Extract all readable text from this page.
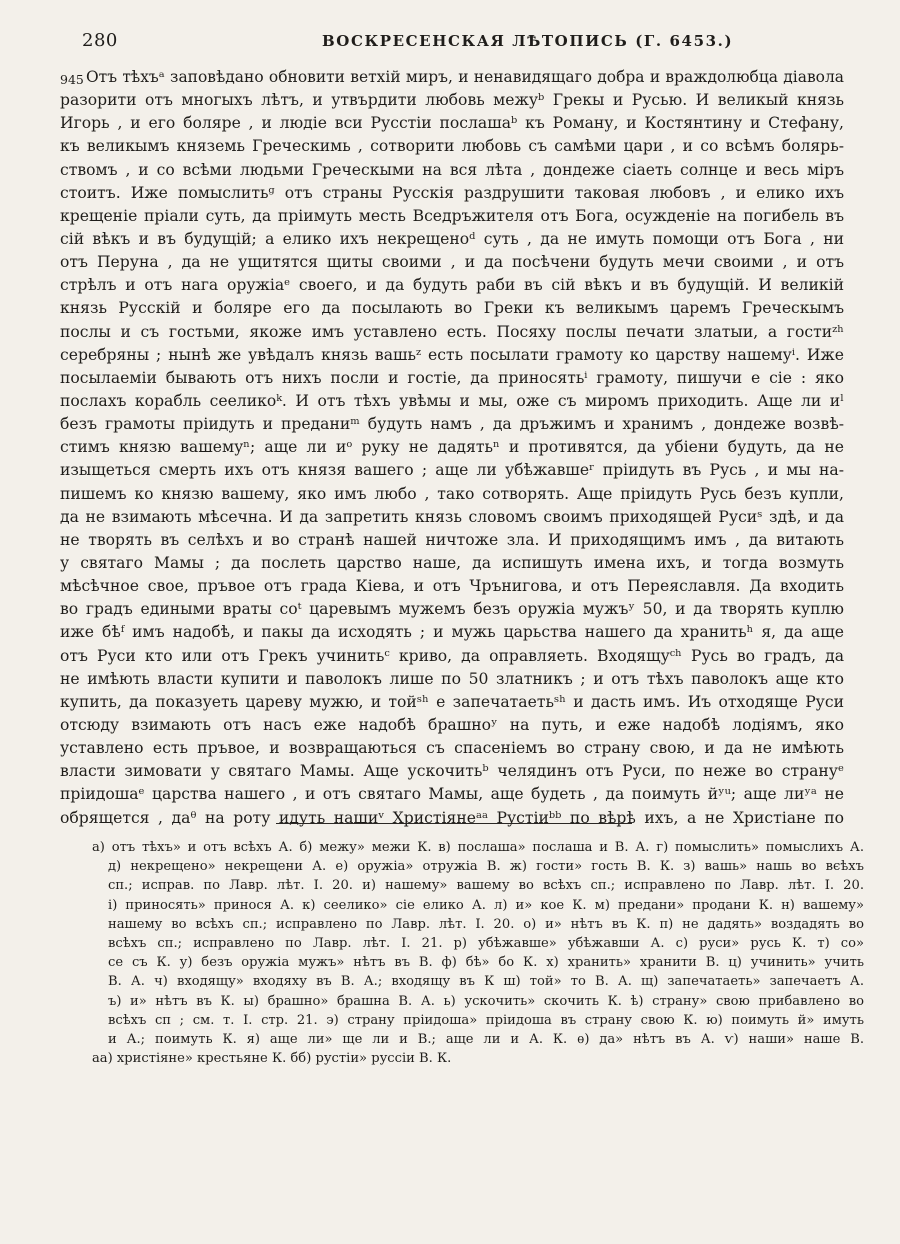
280	ВОСКРЕСЕНСКАЯ ЛѢТОПИСЬ (Г. 6453.)
945 Отъ тѣхъᵃ заповѣдано обновити ветхій миръ, и ненавидящаго добра и враждолюбца діавола
разорити отъ многыхъ лѣтъ, и утвърдити любовь межуᵇ Грекы и Русью. И великый князь
Игорь , и его боляре , и людіе вси Русстіи послашаᵇ къ Роману, и Костянтину и Стефану,
къ великымъ княземь Греческимь , сотворити любовь съ самѣми цари , и со всѣмъ болярь-
ствомъ , и со всѣми людьми Греческыми на вся лѣта , дондеже сіаеть солнце и весь міръ
стоитъ. Иже помыслитьᵍ отъ страны Русскія раздрушити таковая любовъ , и елико ихъ
крещеніе пріали суть, да пріимуть месть Вседръжителя отъ Бога, осужденіе на погибель въ
сій вѣкъ и въ будущій; а елико ихъ некрещеноᵈ суть , да не имуть помощи отъ Бога , ни
отъ Перуна , да не ущитятся щиты своими , и да посѣчени будуть мечи своими , и отъ
стрѣлъ и отъ нага оружіаᵉ своего, и да будуть раби въ сій вѣкъ и въ будущій. И великій
князь Русскій и боляре его да посылають во Греки къ великымъ царемъ Греческымъ
послы и съ гостьми, якоже имъ уставлено есть. Посяху послы печати златыи, а гостиᶻʰ
серебряны ; нынѣ же увѣдалъ князь вашьᶻ есть посылати грамоту ко царству нашемуⁱ. Иже
посылаеміи бывають отъ нихъ посли и гостіе, да приносятьⁱ грамоту, пишучи е сіе : яко
послахъ корабль сееликоᵏ. И отъ тѣхъ увѣмы и мы, оже съ миромъ приходить. Аще ли иˡ
безъ грамоты пріидуть и преданиᵐ будуть намъ , да дръжимъ и хранимъ , дондеже возвѣ-
стимъ князю вашемуⁿ; аще ли иᵒ руку не дадятьⁿ и противятся, да убіени будуть, да не
изыщеться смерть ихъ отъ князя вашего ; аще ли убѣжавшеʳ пріидуть въ Русь , и мы на-
пишемъ ко князю вашему, яко имъ любо , тако сотворять. Аще пріидуть Русь безъ купли,
да не взимають мѣсечна. И да запретить князь словомъ своимъ приходящей Русиˢ здѣ, и да
не творять въ селѣхъ и во странѣ нашей ничтоже зла. И приходящимъ имъ , да витають
у святаго Мамы ; да послеть царство наше, да испишуть имена ихъ, и тогда возмуть
мѣсѣчное свое, пръвое отъ града Кіева, и отъ Чрънигова, и отъ Переяславля. Да входить
во градъ едиными враты соᵗ царевымъ мужемъ безъ оружіа мужъʸ 50, и да творять куплю
иже бѣᶠ имъ надобѣ, и пакы да исходять ; и мужь царьства нашего да хранитьʰ я, да аще
отъ Руси кто или отъ Грекъ учинитьᶜ криво, да оправляеть. Входящуᶜʰ Русь во градъ, да
не имѣють власти купити и паволокъ лише по 50 златникъ ; и отъ тѣхъ паволокъ аще кто
купить, да показуеть цареву мужю, и тойˢʰ е запечатаетьˢʰ и дасть имъ. Иъ отходяще Руси
отсюду взимають отъ насъ еже надобѣ брашноʸ на путь, и еже надобѣ лодіямъ, яко
уставлено есть пръвое, и возвращаються съ спасеніемъ во страну свою, и да не имѣють
власти зимовати у святаго Мамы. Аще ускочитьᵇ челядинъ отъ Руси, по неже во странуᵉ
пріидошаᵉ царства нашего , и отъ святаго Мамы, аще будеть , да поимуть йʸᵘ; аще лиʸᵃ не
обрящется , даᶿ на роту идуть нашиᵛ Христіянеᵃᵃ Рустіиᵇᵇ по вѣрѣ ихъ, а не Христіане по
а) отъ тѣхъ» и отъ всѣхъ А. б) межу» межи К. в) послаша» послаша и В. А. г) помыслить» помыслихъ А.
д) некрещено» некрещени А. е) оружіа» отружіа В. ж) гости» гость В. К. з) вашь» нашь во вєѣхъ
сп.; исправ. по Лавр. лѣт. I. 20. и) нашему» вашему во всѣхъ сп.; исправлено по Лавр. лѣт. I. 20.
і) приносять» принося А. к) сеелико» сіе елико А. л) и» кое К. м) предани» продани К. н) вашему»
нашему во всѣхъ сп.; исправлено по Лавр. лѣт. I. 20. о) и» нѣтъ въ К. п) не дадять» воздадять во
всѣхъ сп.; исправлено по Лавр. лѣт. I. 21. р) убѣжавше» убѣжавши А. с) руси» русь К. т) со»
се съ К. у) безъ оружіа мужъ» нѣтъ въ В. ф) бѣ» бо К. х) хранить» хранити В. ц) учинить» учить
В. А. ч) входящу» входяху въ В. А.; входящу въ К ш) той» то В. А. щ) запечатаеть» запечаетъ А.
ъ) и» нѣтъ въ К. ы) брашно» брашна В. А. ь) ускочить» скочить К. ѣ) страну» свою прибавлено во
всѣхъ сп ; см. т. I. стр. 21. э) страну пріидоша» пріидоша въ страну свою К. ю) поимуть й» имуть
и А.; поимуть К. я) аще ли» ще ли и В.; аще ли и А. К. ѳ) да» нѣтъ въ А. ѵ) наши» наше В.
аа) христіяне» крестьяне К. бб) рустіи» руссіи В. К.
